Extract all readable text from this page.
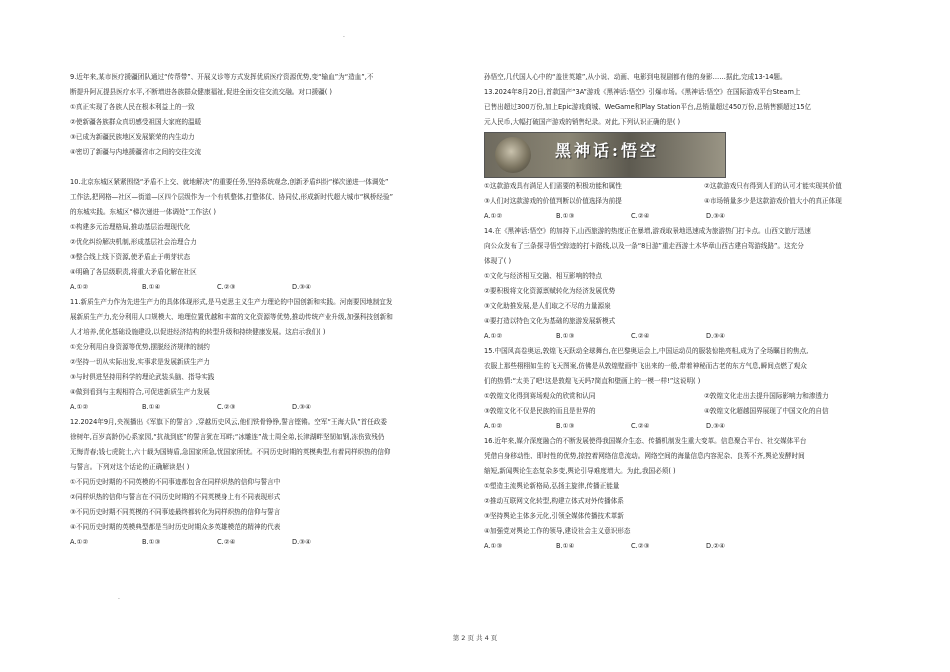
·
·
9.近年来,某市医疗援疆团队通过“传帮带”、开展义诊等方式发挥优质医疗资源优势,变“输血”为“造血”,不
断提升阿瓦提县医疗水平,不断增进各族群众健康福祉,促进全面交往交流交融。对口援疆( )
①真正实现了各族人民在根本利益上的一致
②使新疆各族群众真切感受祖国大家庭的温暖
③已成为新疆民族地区发展繁荣的内生动力
④密切了新疆与内地援疆省市之间的交往交流
10.北京东城区紧紧围绕“矛盾不上交、就地解决”的重要任务,坚持系统观念,创新矛盾纠纷“梯次递进一体调处”
工作法,把网格—社区—街道—区四个层级作为一个有机整体,打整体仗、协同仗,形成新时代超大城市“枫桥经验”
的东城实践。东城区“梯次递进一体调处”工作法( )
①构建多元治理格局,推动基层治理现代化
②优化纠纷解决机制,形成基层社会治理合力
③整合线上线下资源,使矛盾止于萌芽状态
④明确了各层级职责,将重大矛盾化解在社区
A.①②	B.①④	C.②③	D.③④
11.新质生产力作为先进生产力的具体体现形式,是马克思主义生产力理论的中国创新和实践。河南要因地制宜发
展新质生产力,充分利用人口规模大、地理位置优越和丰富的文化资源等优势,推动传统产业升级,加强科技创新和
人才培养,优化基础设施建设,以促进经济结构的转型升级和持续健康发展。这启示我们( )
①充分利用自身资源等优势,摆脱经济规律的制约
②坚持一切从实际出发,实事求是发展新质生产力
③与时俱进坚持用科学的理论武装头脑、指导实践
④做到看到与主观相符合,可促进新质生产力发展
A.①②	B.①④	C.②③	D.③④
12.2024年9月,央视播出《军旗下的誓言》,穿越历史风云,他们铁骨铮铮,誓言铿锵。空军“王海大队”首任政委
徐树年,百岁高龄仍心系家园,“抗战到底”的誓言犹在耳畔;“冰雕连”战士周全弟,长津湖畔坚韧如钢,冻伤致残仍
无悔青春;钱七虎院士,六十载为国铸盾,急国家所急,忧国家所忧。不同历史时期的英模典型,有着同样炽热的信仰
与誓言。下列对这个话论的正确解读是( )
①不同历史时期的不同英模的不同事迹都包含在同样炽热的信仰与誓言中
②同样炽热的信仰与誓言在不同历史时期的不同英模身上有不同表现形式
③不同历史时期不同英模的不同事迹最终都转化为同样炽热的信仰与誓言
④不同历史时期的英模典型都是当时历史时期众多英雄模范的精神的代表
A.①②	B.①③	C.②④	D.③④
孙悟空,几代国人心中的“盖世英雄”,从小说、动画、电影到电视剧都有他的身影……据此,完成13-14题。
13.2024年8月20日,首款国产“3A”游戏《黑神话:悟空》引爆市场。《黑神话:悟空》在国际游戏平台Steam上
已售出超过300万份,加上Epic游戏商城、WeGame和Play Station平台,总销量超过450万份,总销售额超过15亿
元人民币,大幅打破国产游戏的销售纪录。对此,下列认识正确的是( )
黑神话:悟空
①这款游戏具有满足人们需要的积极功能和属性	②这款游戏只有得到人们的认可才能实现其价值
③人们对这款游戏的价值判断以价值选择为前提	④市场销量多少是这款游戏价值大小的真正体现
A.①②	B.①③	C.②④	D.③④
14.在《黑神话:悟空》的加持下,山西旅游的热度正在暴增,游戏取景地迅速成为旅游热门打卡点。山西文旅厅迅速
向公众发布了三条探寻悟空踪迹的打卡路线,以及一条“8日游”重走西游土木华章山西古建自驾游线路”。这充分
体现了( )
①文化与经济相互交融、相互影响的特点
②要积极将文化资源禀赋转化为经济发展优势
③文化助推发展,是人们取之不尽的力量源泉
④要打造以特色文化为基础的旅游发展新模式
A.①②	B.①③	C.②④	D.③④
15.中国风高卷奥运,敦煌飞天跃动全球舞台,在巴黎奥运会上,中国运动员的服装惊艳亮相,成为了全场瞩目的焦点,
衣服上那些栩栩如生的飞天图案,仿佛是从敦煌壁画中飞出来的一般,带着神秘而古老的东方气息,瞬间点燃了观众
们的热情:“太美了吧!这是敦煌飞天吗?简直和壁画上的一模一样!”这说明( )
①敦煌文化得到赛场观众的欣赏和认同	②敦煌文化走出去提升国际影响力和渗透力
③敦煌文化不仅是民族的而且是世界的	④敦煌文化超越国界展现了中国文化的自信
A.①②	B.①③	C.②④	D.③④
16.近年来,媒介深度融合的不断发展使得我国媒介生态、传播机制发生重大变革。信息聚合平台、社交媒体平台
凭借自身移动性、即时性的优势,掠控着网络信息流动。网络空间的海量信息内容泥杂、良莠不齐,舆论发酵时间
缩短,新闻舆论生态复杂多变,舆论引导难度增大。为此,我国必须( )
①塑造主流舆论新格局,弘扬主旋律,传播正能量
②推动互联网文化转型,构建立体式对外传播体系
③坚持舆论主体多元化,引领全媒体传播技术革新
④加强党对舆论工作的领导,建设社会主义意识形态
A.①③	B.①④	C.②③	D.②④
第 2 页 共 4 页
